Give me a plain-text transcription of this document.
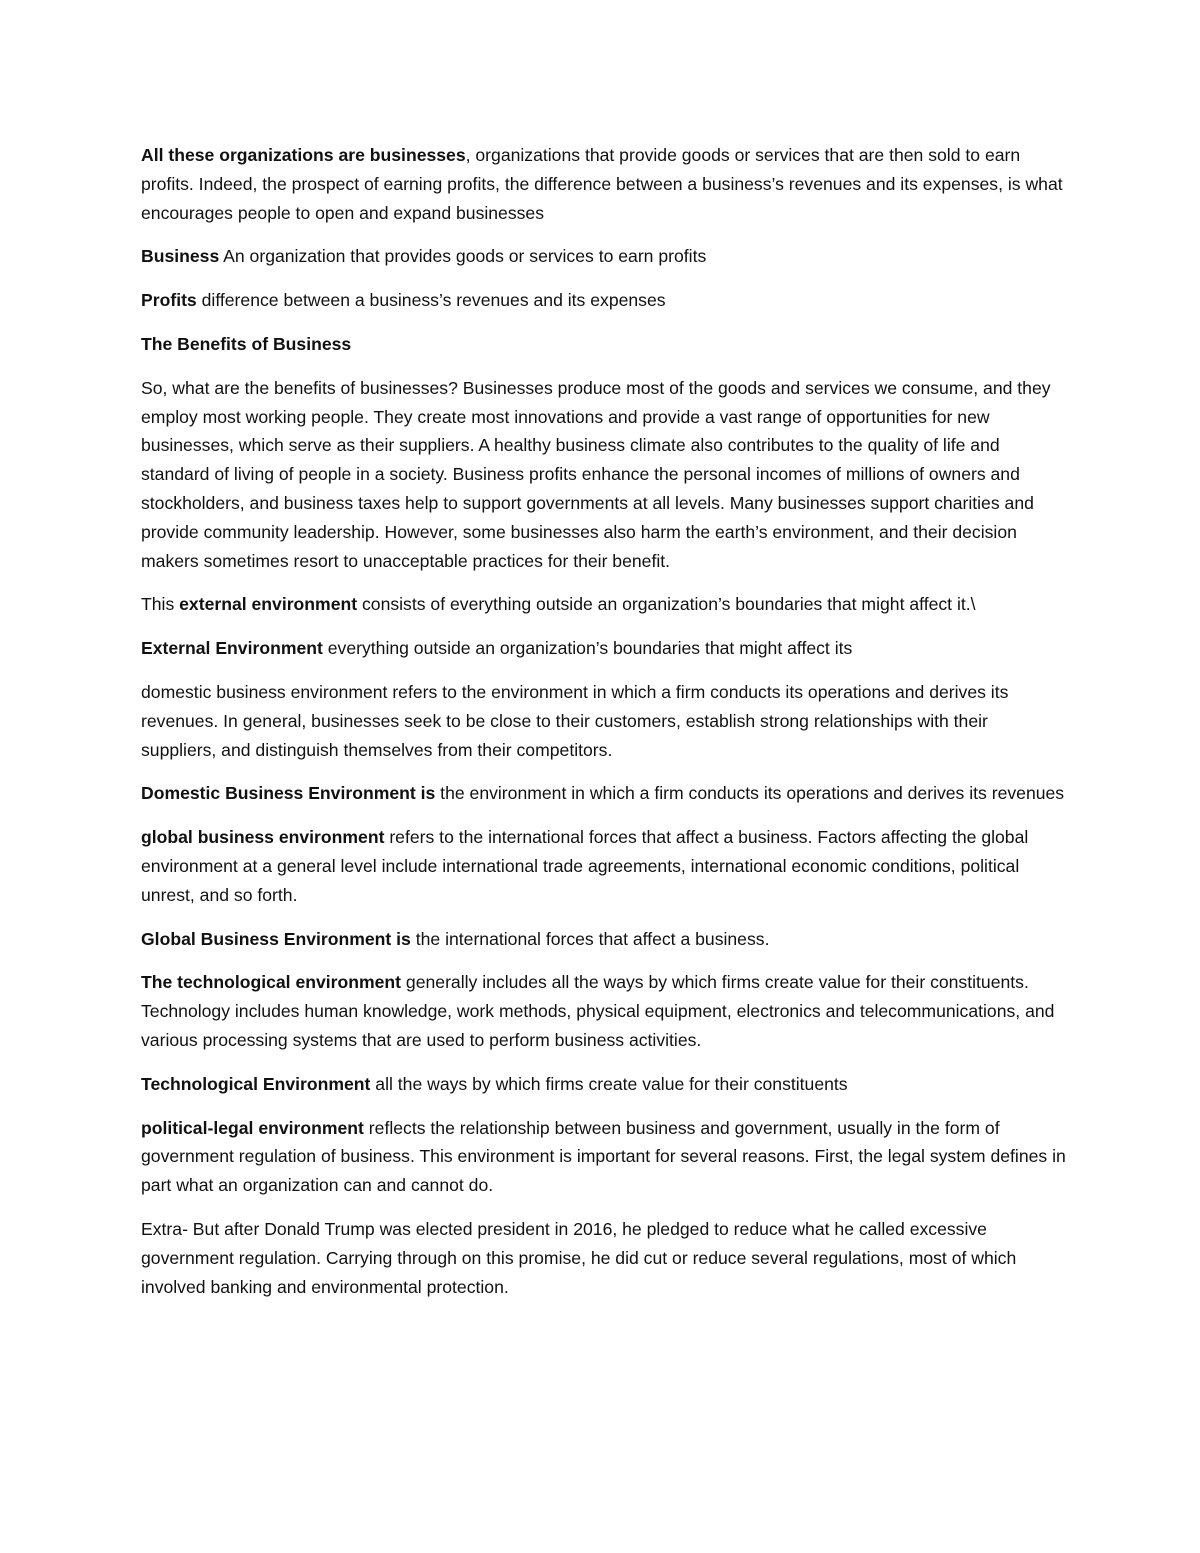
All these organizations are businesses, organizations that provide goods or services that are then sold to earn profits. Indeed, the prospect of earning profits, the difference between a business’s revenues and its expenses, is what encourages people to open and expand businesses

Business An organization that provides goods or services to earn profits

Profits difference between a business’s revenues and its expenses

The Benefits of Business

So, what are the benefits of businesses? Businesses produce most of the goods and services we consume, and they employ most working people. They create most innovations and provide a vast range of opportunities for new businesses, which serve as their suppliers. A healthy business climate also contributes to the quality of life and standard of living of people in a society. Business profits enhance the personal incomes of millions of owners and stockholders, and business taxes help to support governments at all levels. Many businesses support charities and provide community leadership. However, some businesses also harm the earth’s environment, and their decision makers sometimes resort to unacceptable practices for their benefit.

This external environment consists of everything outside an organization’s boundaries that might affect it.\

External Environment everything outside an organization’s boundaries that might affect its

domestic business environment refers to the environment in which a firm conducts its operations and derives its revenues. In general, businesses seek to be close to their customers, establish strong relationships with their suppliers, and distinguish themselves from their competitors.

Domestic Business Environment is the environment in which a firm conducts its operations and derives its revenues

global business environment refers to the international forces that affect a business. Factors affecting the global environment at a general level include international trade agreements, international economic conditions, political unrest, and so forth.

Global Business Environment is the international forces that affect a business.

The technological environment generally includes all the ways by which firms create value for their constituents. Technology includes human knowledge, work methods, physical equipment, electronics and telecommunications, and various processing systems that are used to perform business activities.

Technological Environment all the ways by which firms create value for their constituents

political-legal environment reflects the relationship between business and government, usually in the form of government regulation of business. This environment is important for several reasons. First, the legal system defines in part what an organization can and cannot do.

Extra- But after Donald Trump was elected president in 2016, he pledged to reduce what he called excessive government regulation. Carrying through on this promise, he did cut or reduce several regulations, most of which involved banking and environmental protection.
